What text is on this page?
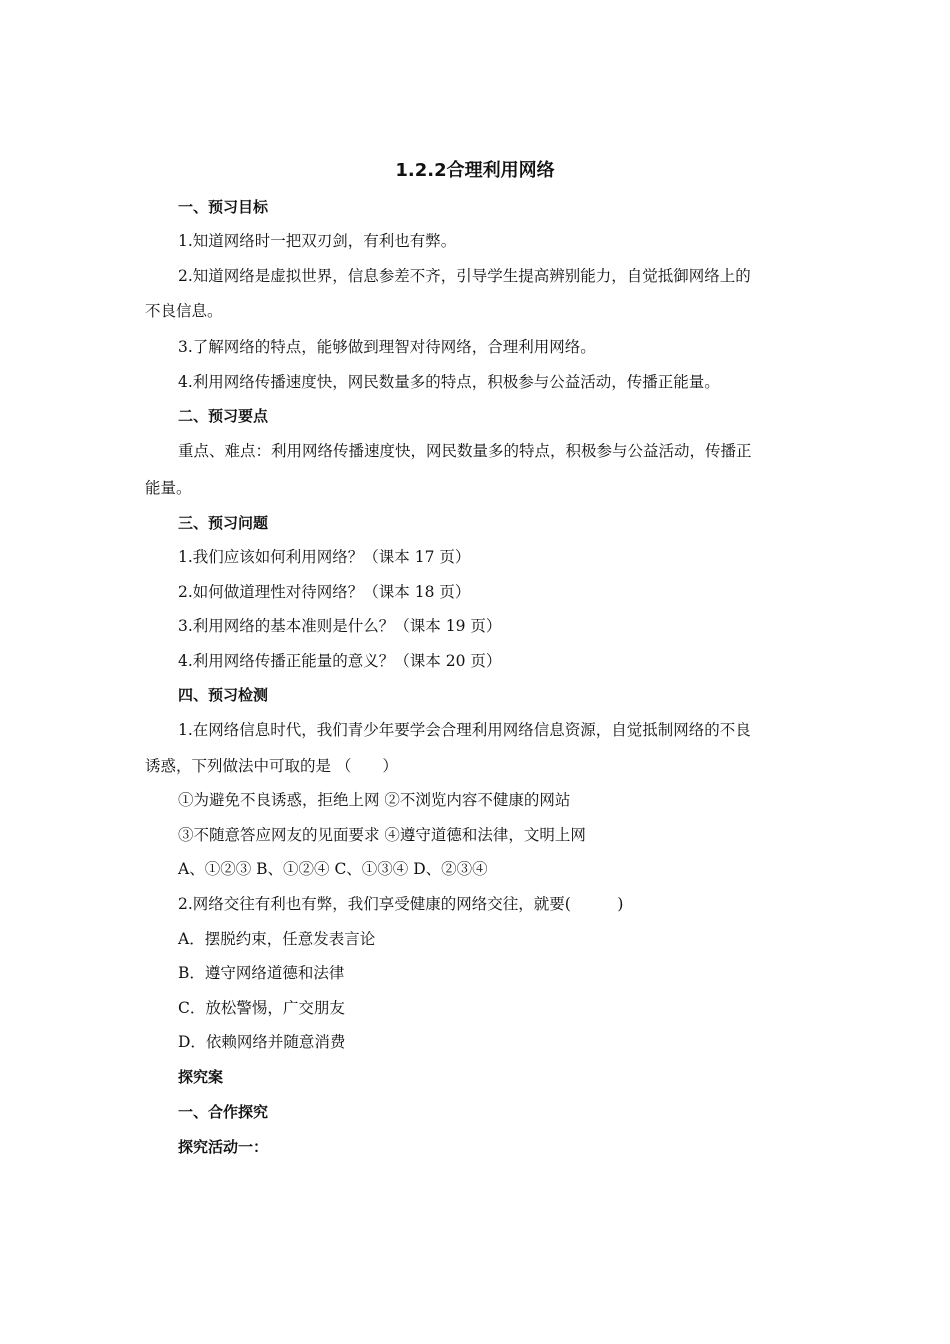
1.2.2合理利用网络
一、预习目标
1.知道网络时一把双刃剑，有利也有弊。
2.知道网络是虚拟世界，信息参差不齐，引导学生提高辨别能力，自觉抵御网络上的
不良信息。
3.了解网络的特点，能够做到理智对待网络，合理利用网络。
4.利用网络传播速度快，网民数量多的特点，积极参与公益活动，传播正能量。
二、预习要点
重点、难点：利用网络传播速度快，网民数量多的特点，积极参与公益活动，传播正
能量。
三、预习问题
1.我们应该如何利用网络？（课本 17 页）
2.如何做道理性对待网络？（课本 18 页）
3.利用网络的基本准则是什么？（课本 19 页）
4.利用网络传播正能量的意义？（课本 20 页）
四、预习检测
1.在网络信息时代，我们青少年要学会合理利用网络信息资源，自觉抵制网络的不良
诱惑，下列做法中可取的是 （　　）
①为避免不良诱惑，拒绝上网 ②不浏览内容不健康的网站
③不随意答应网友的见面要求 ④遵守道德和法律，文明上网
A、①②③ B、①②④ C、①③④ D、②③④
2.网络交往有利也有弊，我们享受健康的网络交往，就要(　　　)
A．摆脱约束，任意发表言论
B．遵守网络道德和法律
C．放松警惕，广交朋友
D．依赖网络并随意消费
探究案
一、合作探究
探究活动一：
